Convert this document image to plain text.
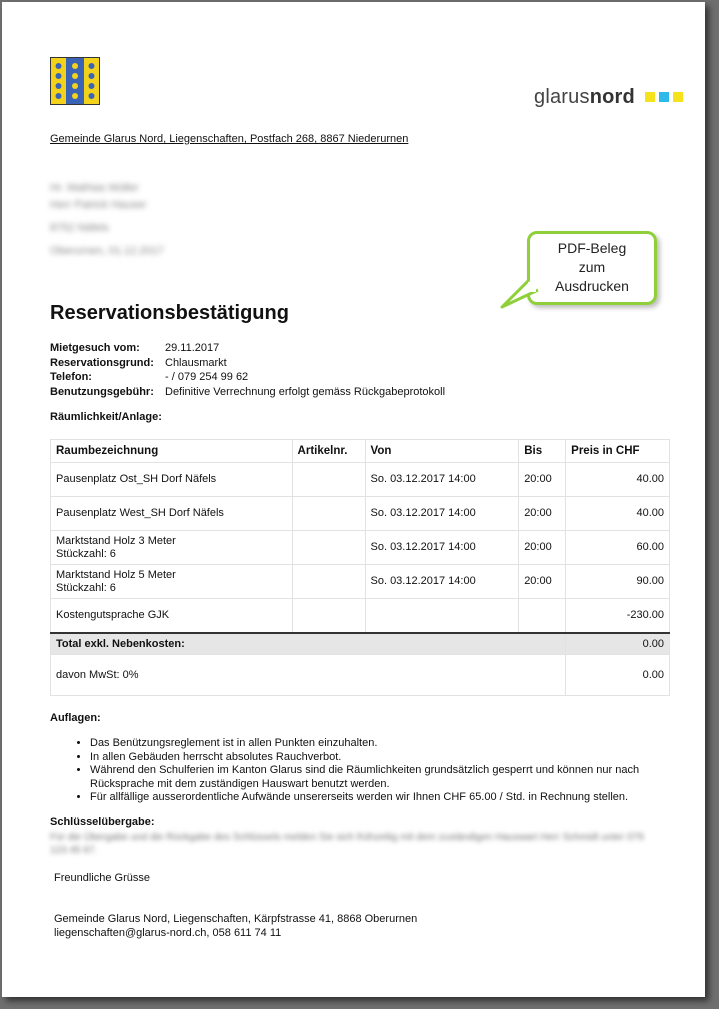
glarusnord
Gemeinde Glarus Nord, Liegenschaften, Postfach 268, 8867 Niederurnen
Hr. Mathias Müller
Herr Patrick Hauser
8752 Näfels
Oberurnen, 01.12.2017	PDF-Beleg
zum
Ausdrucken
Reservationsbestätigung
Mietgesuch vom:	29.11.2017
Reservationsgrund:	Chlausmarkt
Telefon:	- / 079 254 99 62
Benutzungsgebühr:	Definitive Verrechnung erfolgt gemäss Rückgabeprotokoll
Räumlichkeit/Anlage:
Raumbezeichnung	Artikelnr.	Von	Bis	Preis in CHF
Pausenplatz Ost_SH Dorf Näfels		So. 03.12.2017 14:00	20:00	40.00
Pausenplatz West_SH Dorf Näfels		So. 03.12.2017 14:00	20:00	40.00
Marktstand Holz 3 Meter
Stückzahl: 6		So. 03.12.2017 14:00	20:00	60.00
Marktstand Holz 5 Meter
Stückzahl: 6		So. 03.12.2017 14:00	20:00	90.00
Kostengutsprache GJK				-230.00
Total exkl. Nebenkosten:				0.00
davon MwSt: 0%				0.00
Auflagen:
• Das Benützungsreglement ist in allen Punkten einzuhalten.
• In allen Gebäuden herrscht absolutes Rauchverbot.
• Während den Schulferien im Kanton Glarus sind die Räumlichkeiten grundsätzlich gesperrt und können nur nach Rücksprache mit dem zuständigen Hauswart benutzt werden.
• Für allfällige ausserordentliche Aufwände unsererseits werden wir Ihnen CHF 65.00 / Std. in Rechnung stellen.
Schlüsselübergabe:
Für die Übergabe und die Rückgabe des Schlüssels melden Sie sich frühzeitig mit dem zuständigen Hauswart Herr Schmidt unter 079 123 45 67.
Freundliche Grüsse
Gemeinde Glarus Nord, Liegenschaften, Kärpfstrasse 41, 8868 Oberurnen
liegenschaften@glarus-nord.ch, 058 611 74 11
